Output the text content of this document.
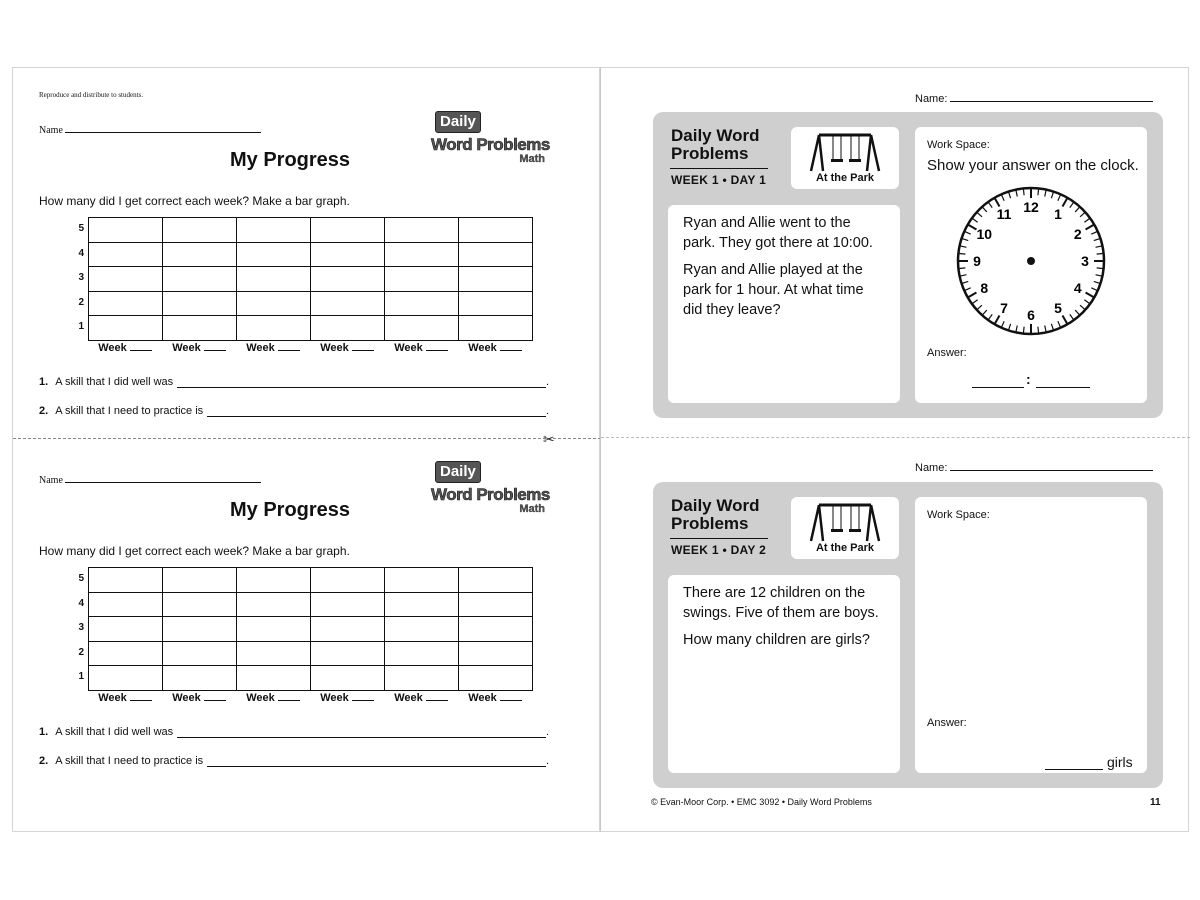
Reproduce and distribute to students.
Name
Daily
Word Problems
Math
My Progress
How many did I get correct each week? Make a bar graph.
5
4
3
2
1

Week	Week	Week	Week	Week	Week
1. A skill that I did well was	.
2. A skill that I need to practice is	.
✂
Name
Daily
Word Problems
Math
My Progress
How many did I get correct each week? Make a bar graph.
5
4
3
2
1

Week	Week	Week	Week	Week	Week
1. A skill that I did well was	.
2. A skill that I need to practice is	.
Name:
Daily Word
Problems
WEEK 1 • DAY 1	At the Park

Ryan and Allie went to the park. They got there at 10:00.

Ryan and Allie played at the park for 1 hour. At what time did they leave?

Work Space:
Show your answer on the clock.
12 1
2
3
4
5
6
7
8
9
10
11
Answer:
:
Name:
Daily Word
Problems
WEEK 1 • DAY 2	At the Park

There are 12 children on the swings. Five of them are boys.

How many children are girls?

Work Space:
Answer:
girls
© Evan-Moor Corp. • EMC 3092 • Daily Word Problems	11
